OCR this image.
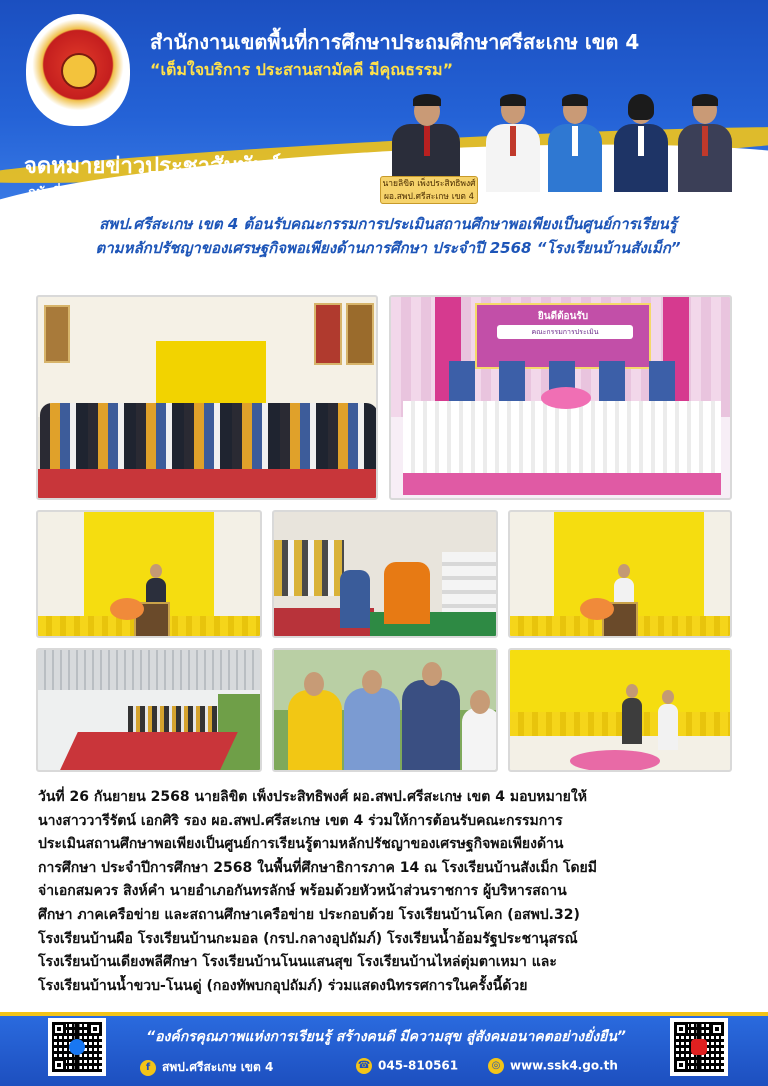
สำนักงานเขตพื้นที่การศึกษาประถมศึกษาศรีสะเกษ เขต 4
“เต็มใจบริการ ประสานสามัคคี มีคุณธรรม”
จดหมายข่าวประชาสัมพันธ์
ฉบับที่ 177/2568 ประจำวันที่ 26 กันยายน 2568	นายลิขิต เพ็งประสิทธิพงศ์
ผอ.สพป.ศรีสะเกษ เขต 4
สพป.ศรีสะเกษ เขต 4 ต้อนรับคณะกรรมการประเมินสถานศึกษาพอเพียงเป็นศูนย์การเรียนรู้
ตามหลักปรัชญาของเศรษฐกิจพอเพียงด้านการศึกษา ประจำปี 2568 “โรงเรียนบ้านสังเม็ก”
ยินดีต้อนรับ
คณะกรรมการประเมิน

วันที่ 26 กันยายน 2568 นายลิขิต เพ็งประสิทธิพงศ์ ผอ.สพป.ศรีสะเกษ เขต 4 มอบหมายให้

นางสาววารีรัตน์ เอกศิริ รอง ผอ.สพป.ศรีสะเกษ เขต 4 ร่วมให้การต้อนรับคณะกรรมการ

ประเมินสถานศึกษาพอเพียงเป็นศูนย์การเรียนรู้ตามหลักปรัชญาของเศรษฐกิจพอเพียงด้าน

การศึกษา ประจำปีการศึกษา 2568 ในพื้นที่ศึกษาธิการภาค 14 ณ โรงเรียนบ้านสังเม็ก โดยมี

จ่าเอกสมควร สิงห์คำ นายอำเภอกันทรลักษ์ พร้อมด้วยหัวหน้าส่วนราชการ ผู้บริหารสถาน

ศึกษา ภาคเครือข่าย และสถานศึกษาเครือข่าย ประกอบด้วย โรงเรียนบ้านโคก (อสพป.32)

โรงเรียนบ้านผือ โรงเรียนบ้านกะมอล (กรป.กลางอุปถัมภ์) โรงเรียนน้ำอ้อมรัฐประชานุสรณ์

โรงเรียนบ้านเดียงพลีศึกษา โรงเรียนบ้านโนนแสนสุข โรงเรียนบ้านไหล่ตุ่มตาเหมา และ

โรงเรียนบ้านน้ำขวบ-โนนดู่ (กองทัพบกอุปถัมภ์) ร่วมแสดงนิทรรศการในครั้งนี้ด้วย

“องค์กรคุณภาพแห่งการเรียนรู้ สร้างคนดี มีความสุข สู่สังคมอนาคตอย่างยั่งยืน”
f สพป.ศรีสะเกษ เขต 4	☎ 045-810561	◎ www.ssk4.go.th
